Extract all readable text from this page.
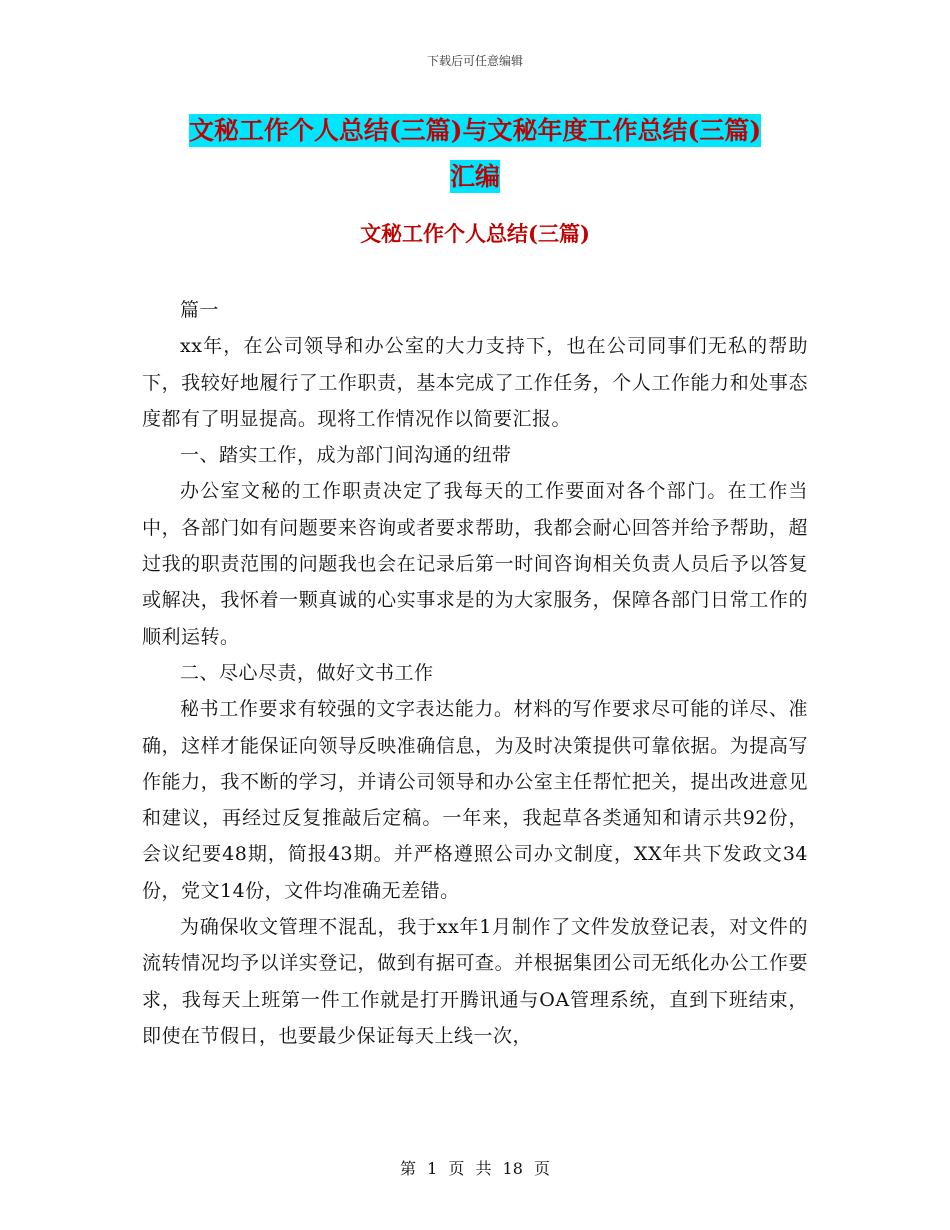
下载后可任意编辑
文秘工作个人总结(三篇)与文秘年度工作总结(三篇)
汇编
文秘工作个人总结(三篇)

篇一

xx年，在公司领导和办公室的大力支持下，也在公司同事们无私的帮助下，我较好地履行了工作职责，基本完成了工作任务，个人工作能力和处事态度都有了明显提高。现将工作情况作以简要汇报。

一、踏实工作，成为部门间沟通的纽带

办公室文秘的工作职责决定了我每天的工作要面对各个部门。在工作当中，各部门如有问题要来咨询或者要求帮助，我都会耐心回答并给予帮助，超过我的职责范围的问题我也会在记录后第一时间咨询相关负责人员后予以答复或解决，我怀着一颗真诚的心实事求是的为大家服务，保障各部门日常工作的顺利运转。

二、尽心尽责，做好文书工作

秘书工作要求有较强的文字表达能力。材料的写作要求尽可能的详尽、准确，这样才能保证向领导反映准确信息，为及时决策提供可靠依据。为提高写作能力，我不断的学习，并请公司领导和办公室主任帮忙把关，提出改进意见和建议，再经过反复推敲后定稿。一年来，我起草各类通知和请示共92份，会议纪要48期，简报43期。并严格遵照公司办文制度，XX年共下发政文34份，党文14份，文件均准确无差错。

为确保收文管理不混乱，我于xx年1月制作了文件发放登记表，对文件的流转情况均予以详实登记，做到有据可查。并根据集团公司无纸化办公工作要求，我每天上班第一件工作就是打开腾讯通与OA管理系统，直到下班结束，即使在节假日，也要最少保证每天上线一次，

第 1 页 共 18 页
